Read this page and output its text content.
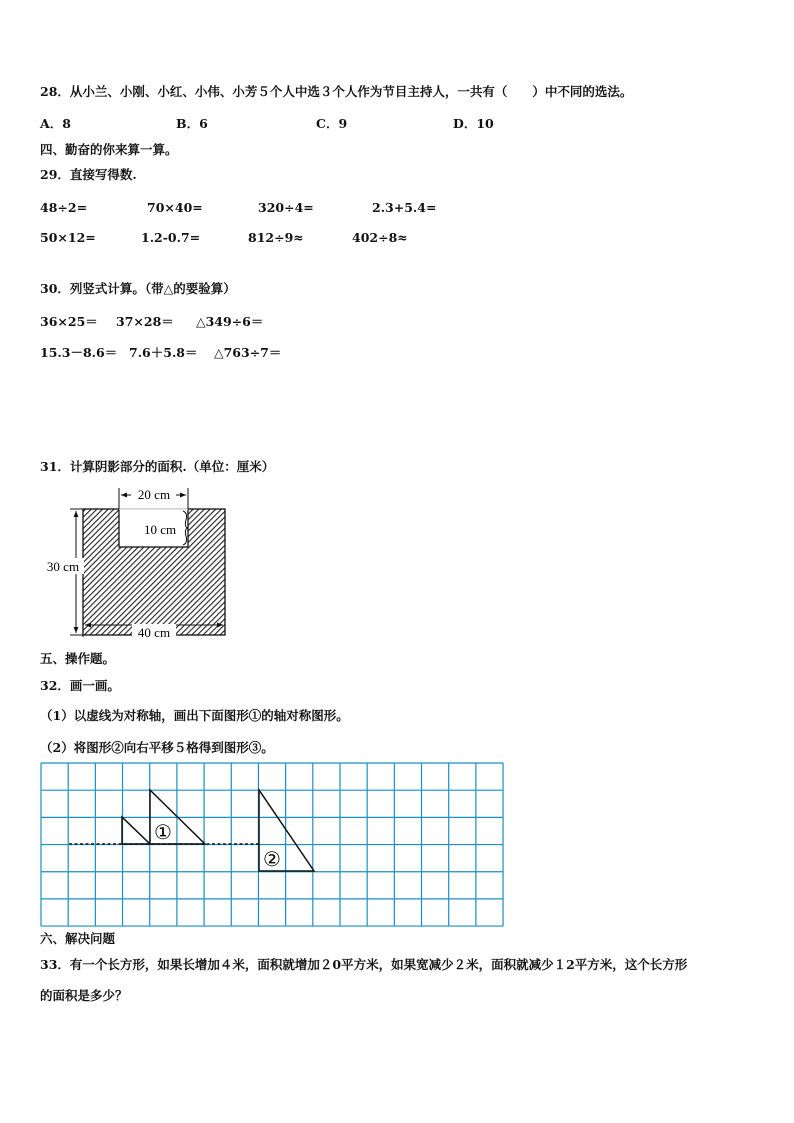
28．从小兰、小刚、小红、小伟、小芳５个人中选３个人作为节目主持人，一共有（　　）中不同的选法。
A．8	B．6	C．9	D．10
四、勤奋的你来算一算。
29．直接写得数.
48÷2=	70×40=	320÷4=	2.3+5.4=
50×12=	1.2-0.7=	812÷9≈	402÷8≈
30．列竖式计算。（带△的要验算）
36×25＝ 37×28＝ △349÷6＝
15.3－8.6＝ 7.6＋5.8＝ △763÷7＝
31．计算阴影部分的面积.（单位：厘米）
20 cm
10 cm
30 cm
40 cm
五、操作题。
32．画一画。
（1）以虚线为对称轴，画出下面图形①的轴对称图形。
（2）将图形②向右平移５格得到图形③。
①
②
六、解决问题
33．有一个长方形，如果长增加４米，面积就增加２0平方米，如果宽减少２米，面积就减少１2平方米，这个长方形
的面积是多少？
